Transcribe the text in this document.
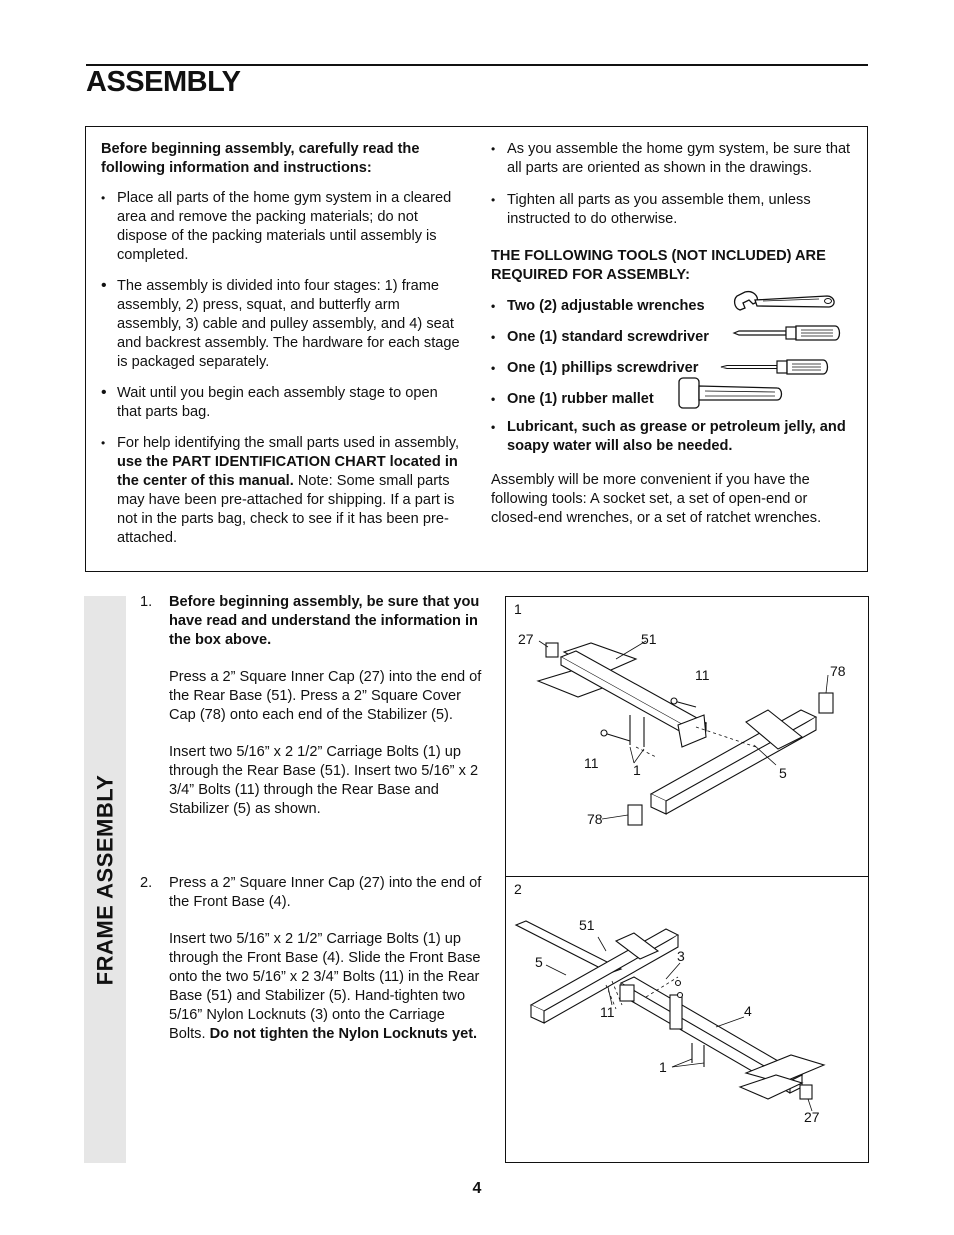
ASSEMBLY

Before beginning assembly, carefully read the following information and instructions:

• Place all parts of the home gym system in a cleared area and remove the packing materials; do not dispose of the packing materials until assembly is completed.

• The assembly is divided into four stages: 1) frame assembly, 2) press, squat, and butterfly arm assembly, 3) cable and pulley assembly, and 4) seat and backrest assembly. The hardware for each stage is packaged separately.

• Wait until you begin each assembly stage to open that parts bag.

• For help identifying the small parts used in assembly, use the PART IDENTIFICATION CHART located in the center of this manual. Note: Some small parts may have been pre-attached for shipping. If a part is not in the parts bag, check to see if it has been pre-attached.

• As you assemble the home gym system, be sure that all parts are oriented as shown in the drawings.

• Tighten all parts as you assemble them, unless instructed to do otherwise.

THE FOLLOWING TOOLS (NOT INCLUDED) ARE REQUIRED FOR ASSEMBLY:

• Two (2) adjustable wrenches

• One (1) standard screwdriver

• One (1) phillips screwdriver

• One (1) rubber mallet

• Lubricant, such as grease or petroleum jelly, and soapy water will also be needed.

Assembly will be more convenient if you have the following tools: A socket set, a set of open-end or closed-end wrenches, or a set of ratchet wrenches.

FRAME ASSEMBLY
1. Before beginning assembly, be sure that you have read and understand the information in the box above.

Press a 2” Square Inner Cap (27) into the end of the Rear Base (51). Press a 2” Square Cover Cap (78) onto each end of the Stabilizer (5).

Insert two 5/16” x 2 1/2” Carriage Bolts (1) up through the Rear Base (51). Insert two 5/16” x 2 3/4” Bolts (11) through the Rear Base and Stabilizer (5) as shown.

2. Press a 2” Square Inner Cap (27) into the end of the Front Base (4).

Insert two 5/16” x 2 1/2” Carriage Bolts (1) up through the Front Base (4). Slide the Front Base onto the two 5/16” x 2 3/4” Bolts (11) in the Rear Base (51) and Stabilizer (5). Hand-tighten two 5/16” Nylon Locknuts (3) onto the Carriage Bolts. Do not tighten the Nylon Locknuts yet.

1
27	51
11	78
11 1	5
78
2
51
3
5
11	4
1
27
4
